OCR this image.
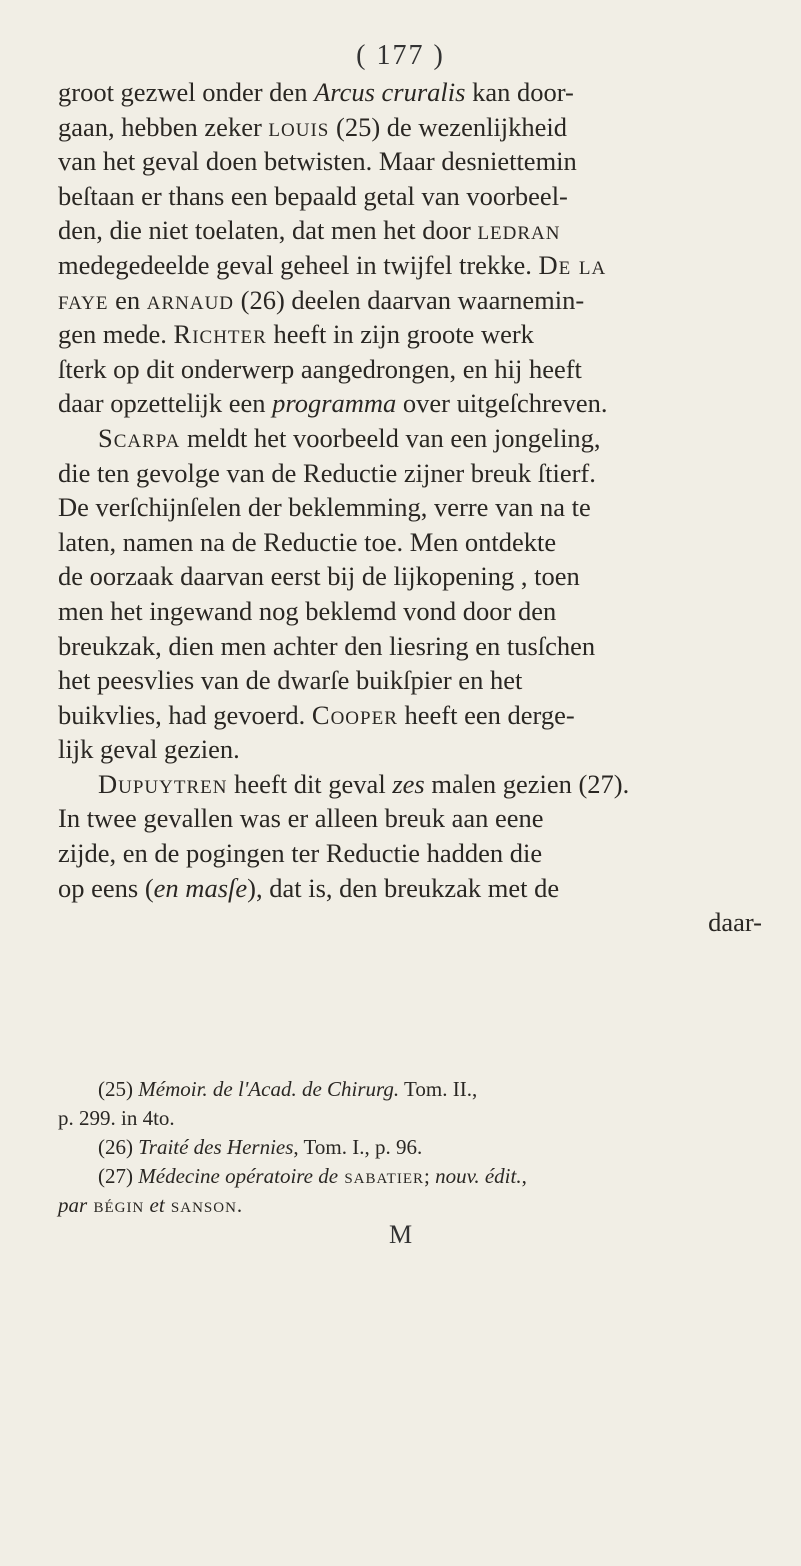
( 177 )
groot gezwel onder den Arcus cruralis kan door-
gaan, hebben zeker louis (25) de wezenlijkheid
van het geval doen betwisten. Maar desniettemin
beſtaan er thans een bepaald getal van voorbeel-
den, die niet toelaten, dat men het door ledran
medegedeelde geval geheel in twijfel trekke. De la
faye en arnaud (26) deelen daarvan waarnemin-
gen mede. Richter heeft in zijn groote werk
ſterk op dit onderwerp aangedrongen, en hij heeft
daar opzettelijk een programma over uitgeſchreven.
Scarpa meldt het voorbeeld van een jongeling,
die ten gevolge van de Reductie zijner breuk ſtierf.
De verſchijnſelen der beklemming, verre van na te
laten, namen na de Reductie toe. Men ontdekte
de oorzaak daarvan eerst bij de lijkopening , toen
men het ingewand nog beklemd vond door den
breukzak, dien men achter den liesring en tusſchen
het peesvlies van de dwarſe buikſpier en het
buikvlies, had gevoerd. Cooper heeft een derge-
lijk geval gezien.
Dupuytren heeft dit geval zes malen gezien (27).
In twee gevallen was er alleen breuk aan eene
zijde, en de pogingen ter Reductie hadden die
op eens (en masſe), dat is, den breukzak met de
daar-
(25) Mémoir. de l'Acad. de Chirurg. Tom. II.,
p. 299. in 4to.
(26) Traité des Hernies, Tom. I., p. 96.
(27) Médecine opératoire de sabatier; nouv. édit.,
par bégin et sanson.
M
